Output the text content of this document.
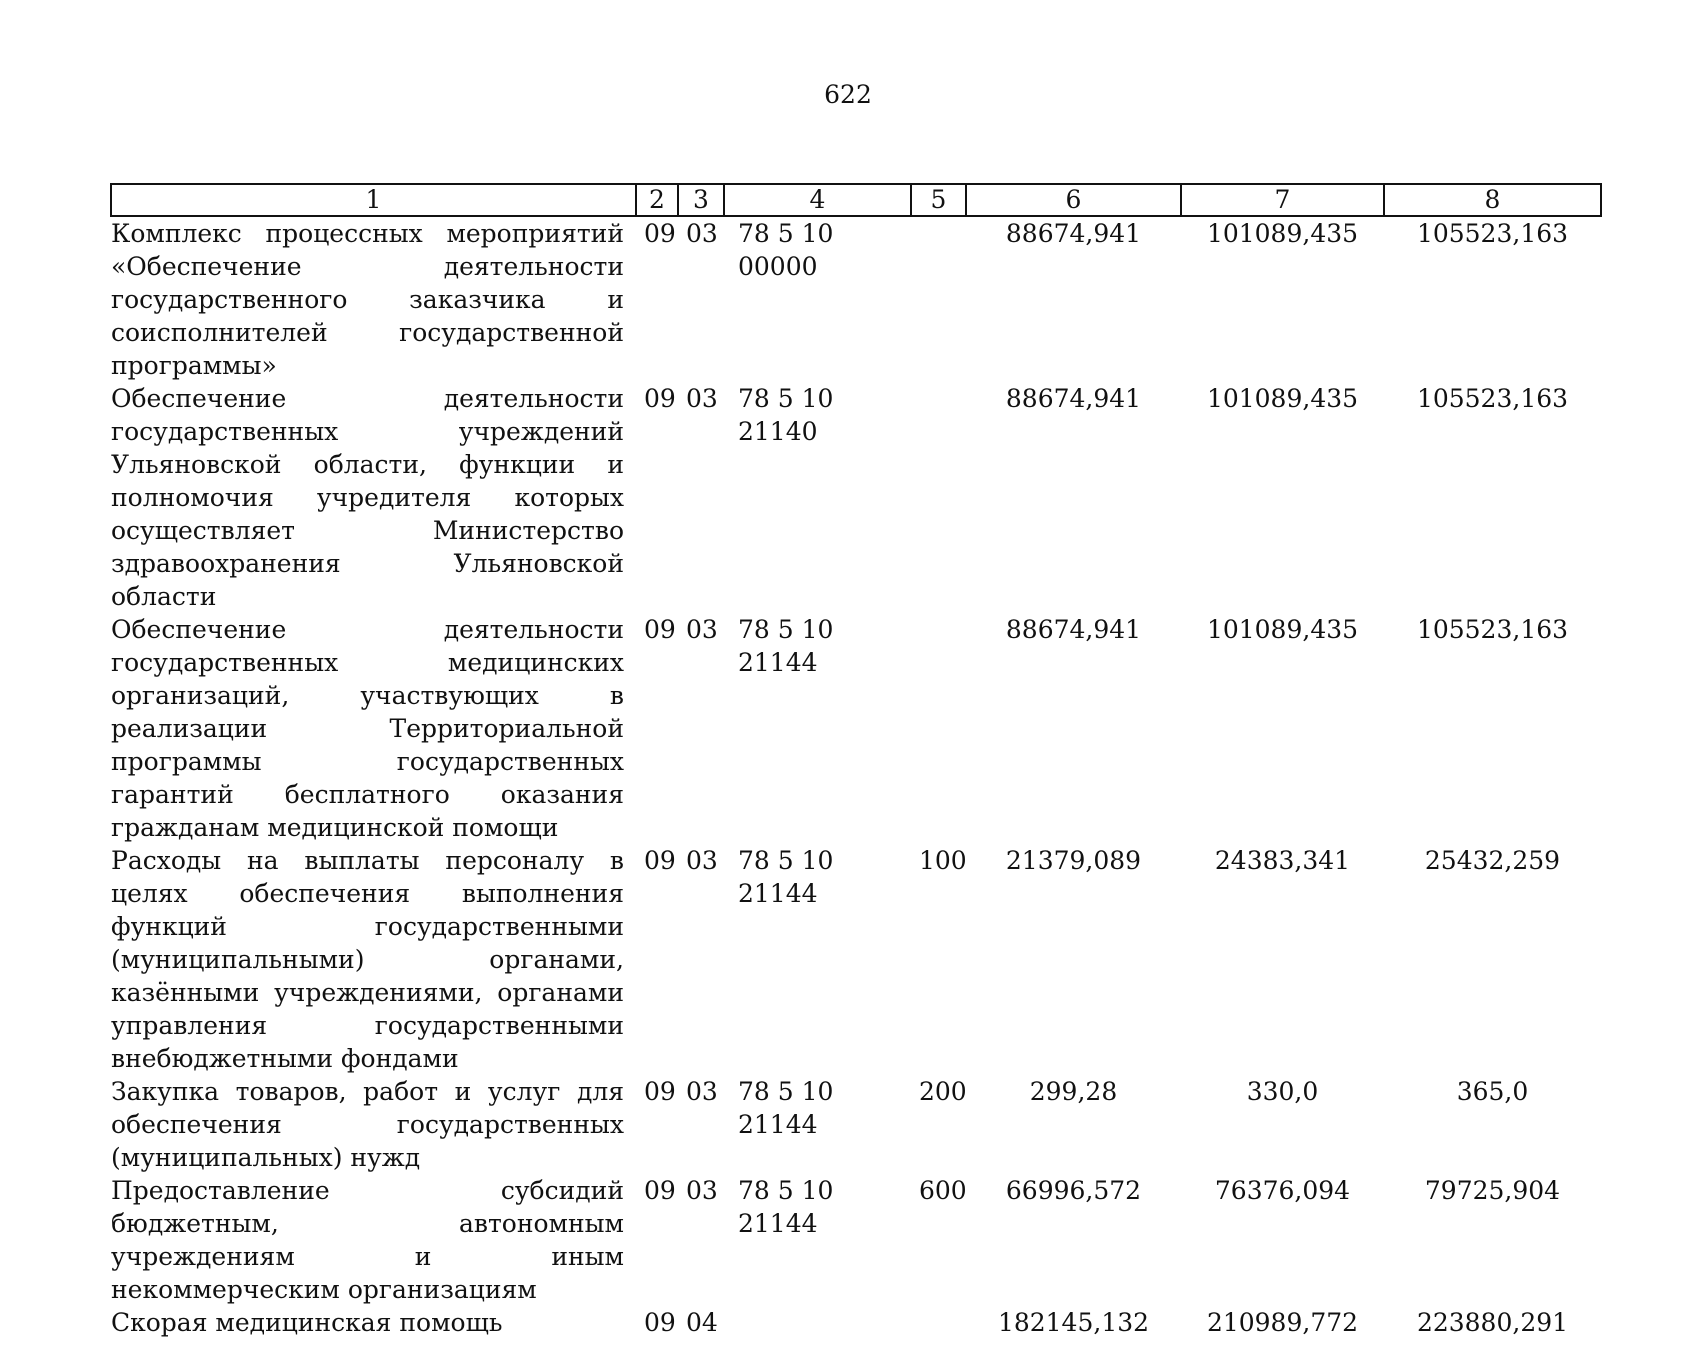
622
1	2	3	4	5	6	7	8
Комплекс процессных мероприятий «Обеспечение деятельности государственного заказчика и соисполнителей государственной программы»	09	03	78 5 10 00000		88674,941	101089,435	105523,163
Обеспечение деятельности государственных учреждений Ульяновской области, функции и полномочия учредителя которых осуществляет Министерство здравоохранения Ульяновской области	09	03	78 5 10 21140		88674,941	101089,435	105523,163
Обеспечение деятельности государственных медицинских организаций, участвующих в реализации Территориальной программы государственных гарантий бесплатного оказания гражданам медицинской помощи	09	03	78 5 10 21144		88674,941	101089,435	105523,163
Расходы на выплаты персоналу в целях обеспечения выполнения функций государственными (муниципальными) органами, казёнными учреждениями, органами управления государственными внебюджетными фондами	09	03	78 5 10 21144	100	21379,089	24383,341	25432,259
Закупка товаров, работ и услуг для обеспечения государственных (муниципальных) нужд	09	03	78 5 10 21144	200	299,28	330,0	365,0
Предоставление субсидий бюджетным, автономным учреждениям и иным некоммерческим организациям	09	03	78 5 10 21144	600	66996,572	76376,094	79725,904
Скорая медицинская помощь	09	04			182145,132	210989,772	223880,291
